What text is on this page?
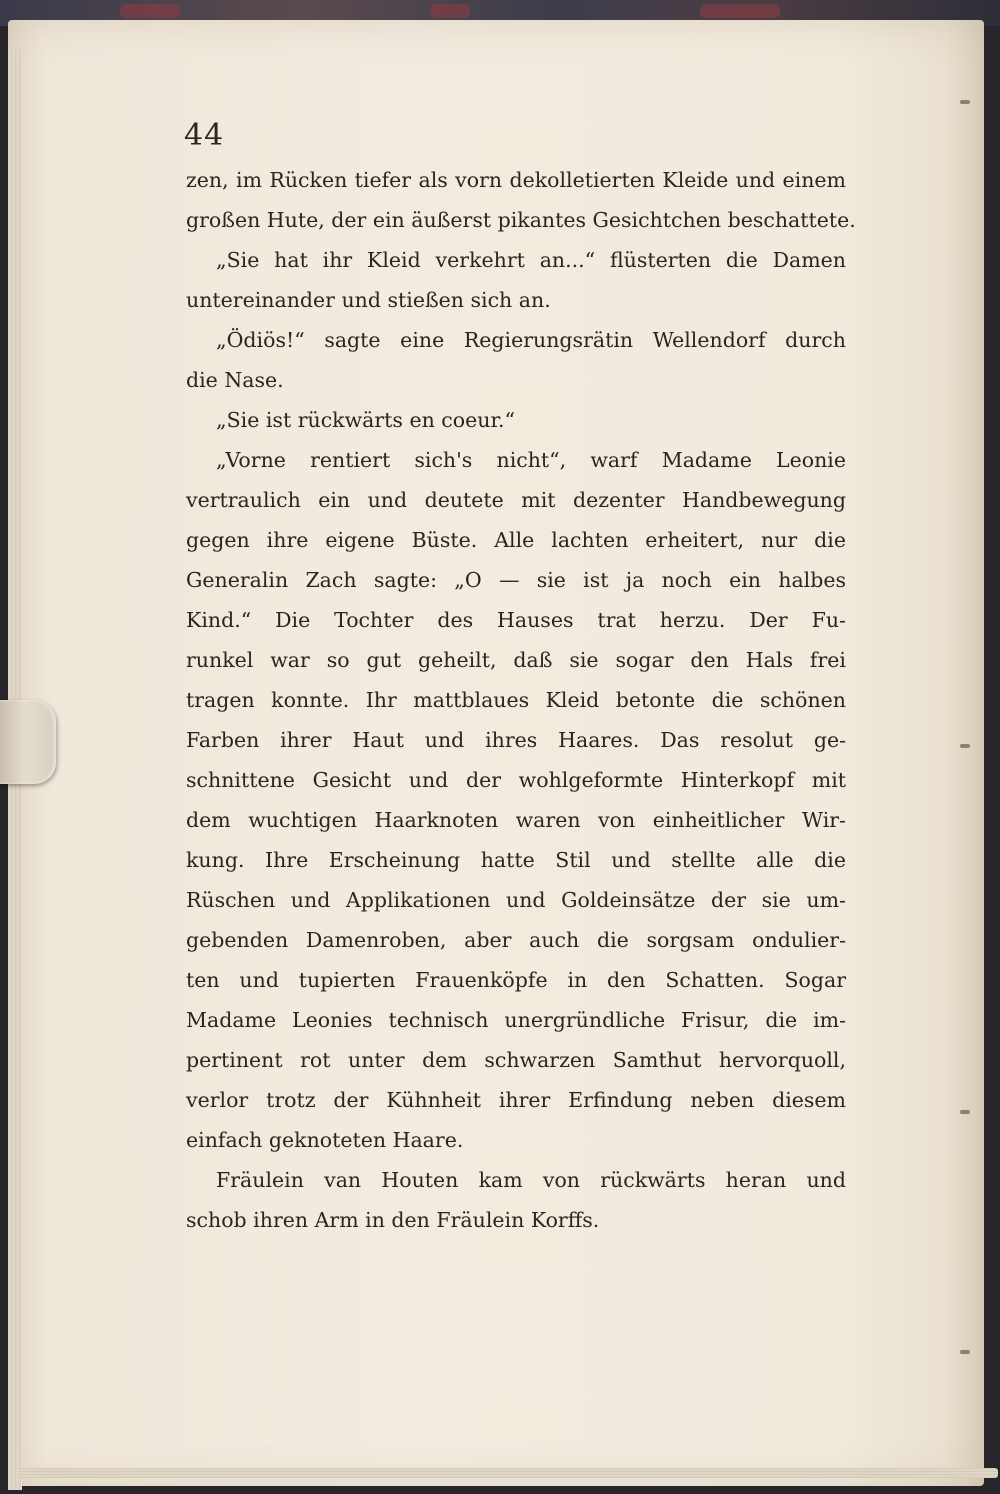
44
zen, im Rücken tiefer als vorn dekolletierten Kleide und einem
großen Hute, der ein äußerst pikantes Gesichtchen beschattete.
„Sie hat ihr Kleid verkehrt an...“ flüsterten die Damen
untereinander und stießen sich an.
„Ödiös!“ sagte eine Regierungsrätin Wellendorf durch
die Nase.
„Sie ist rückwärts en coeur.“
„Vorne rentiert sich's nicht“, warf Madame Leonie
vertraulich ein und deutete mit dezenter Handbewegung
gegen ihre eigene Büste. Alle lachten erheitert, nur die
Generalin Zach sagte: „O — sie ist ja noch ein halbes
Kind.“ Die Tochter des Hauses trat herzu. Der Fu-
runkel war so gut geheilt, daß sie sogar den Hals frei
tragen konnte. Ihr mattblaues Kleid betonte die schönen
Farben ihrer Haut und ihres Haares. Das resolut ge-
schnittene Gesicht und der wohlgeformte Hinterkopf mit
dem wuchtigen Haarknoten waren von einheitlicher Wir-
kung. Ihre Erscheinung hatte Stil und stellte alle die
Rüschen und Applikationen und Goldeinsätze der sie um-
gebenden Damenroben, aber auch die sorgsam ondulier-
ten und tupierten Frauenköpfe in den Schatten. Sogar
Madame Leonies technisch unergründliche Frisur, die im-
pertinent rot unter dem schwarzen Samthut hervorquoll,
verlor trotz der Kühnheit ihrer Erfindung neben diesem
einfach geknoteten Haare.
Fräulein van Houten kam von rückwärts heran und
schob ihren Arm in den Fräulein Korffs.
